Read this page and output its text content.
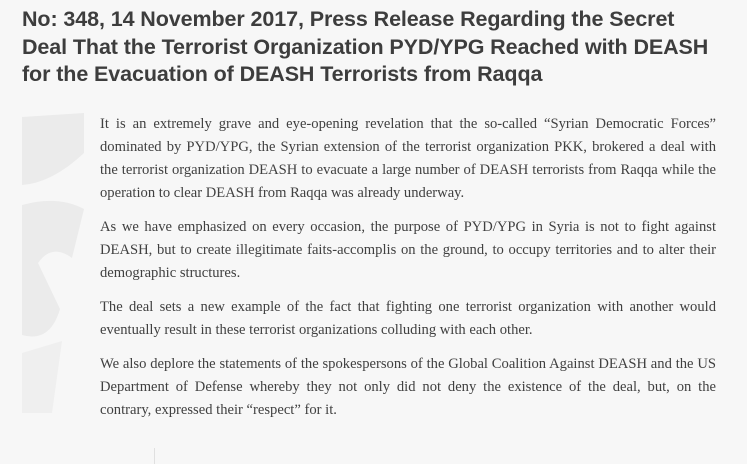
No: 348, 14 November 2017, Press Release Regarding the Secret Deal That the Terrorist Organization PYD/YPG Reached with DEASH for the Evacuation of DEASH Terrorists from Raqqa

It is an extremely grave and eye-opening revelation that the so-called “Syrian Democratic Forces” dominated by PYD/YPG, the Syrian extension of the terrorist organization PKK, brokered a deal with the terrorist organization DEASH to evacuate a large number of DEASH terrorists from Raqqa while the operation to clear DEASH from Raqqa was already underway.

As we have emphasized on every occasion, the purpose of PYD/YPG in Syria is not to fight against DEASH, but to create illegitimate faits-accomplis on the ground, to occupy territories and to alter their demographic structures.

The deal sets a new example of the fact that fighting one terrorist organization with another would eventually result in these terrorist organizations colluding with each other.

We also deplore the statements of the spokespersons of the Global Coalition Against DEASH and the US Department of Defense whereby they not only did not deny the existence of the deal, but, on the contrary, expressed their “respect” for it.
